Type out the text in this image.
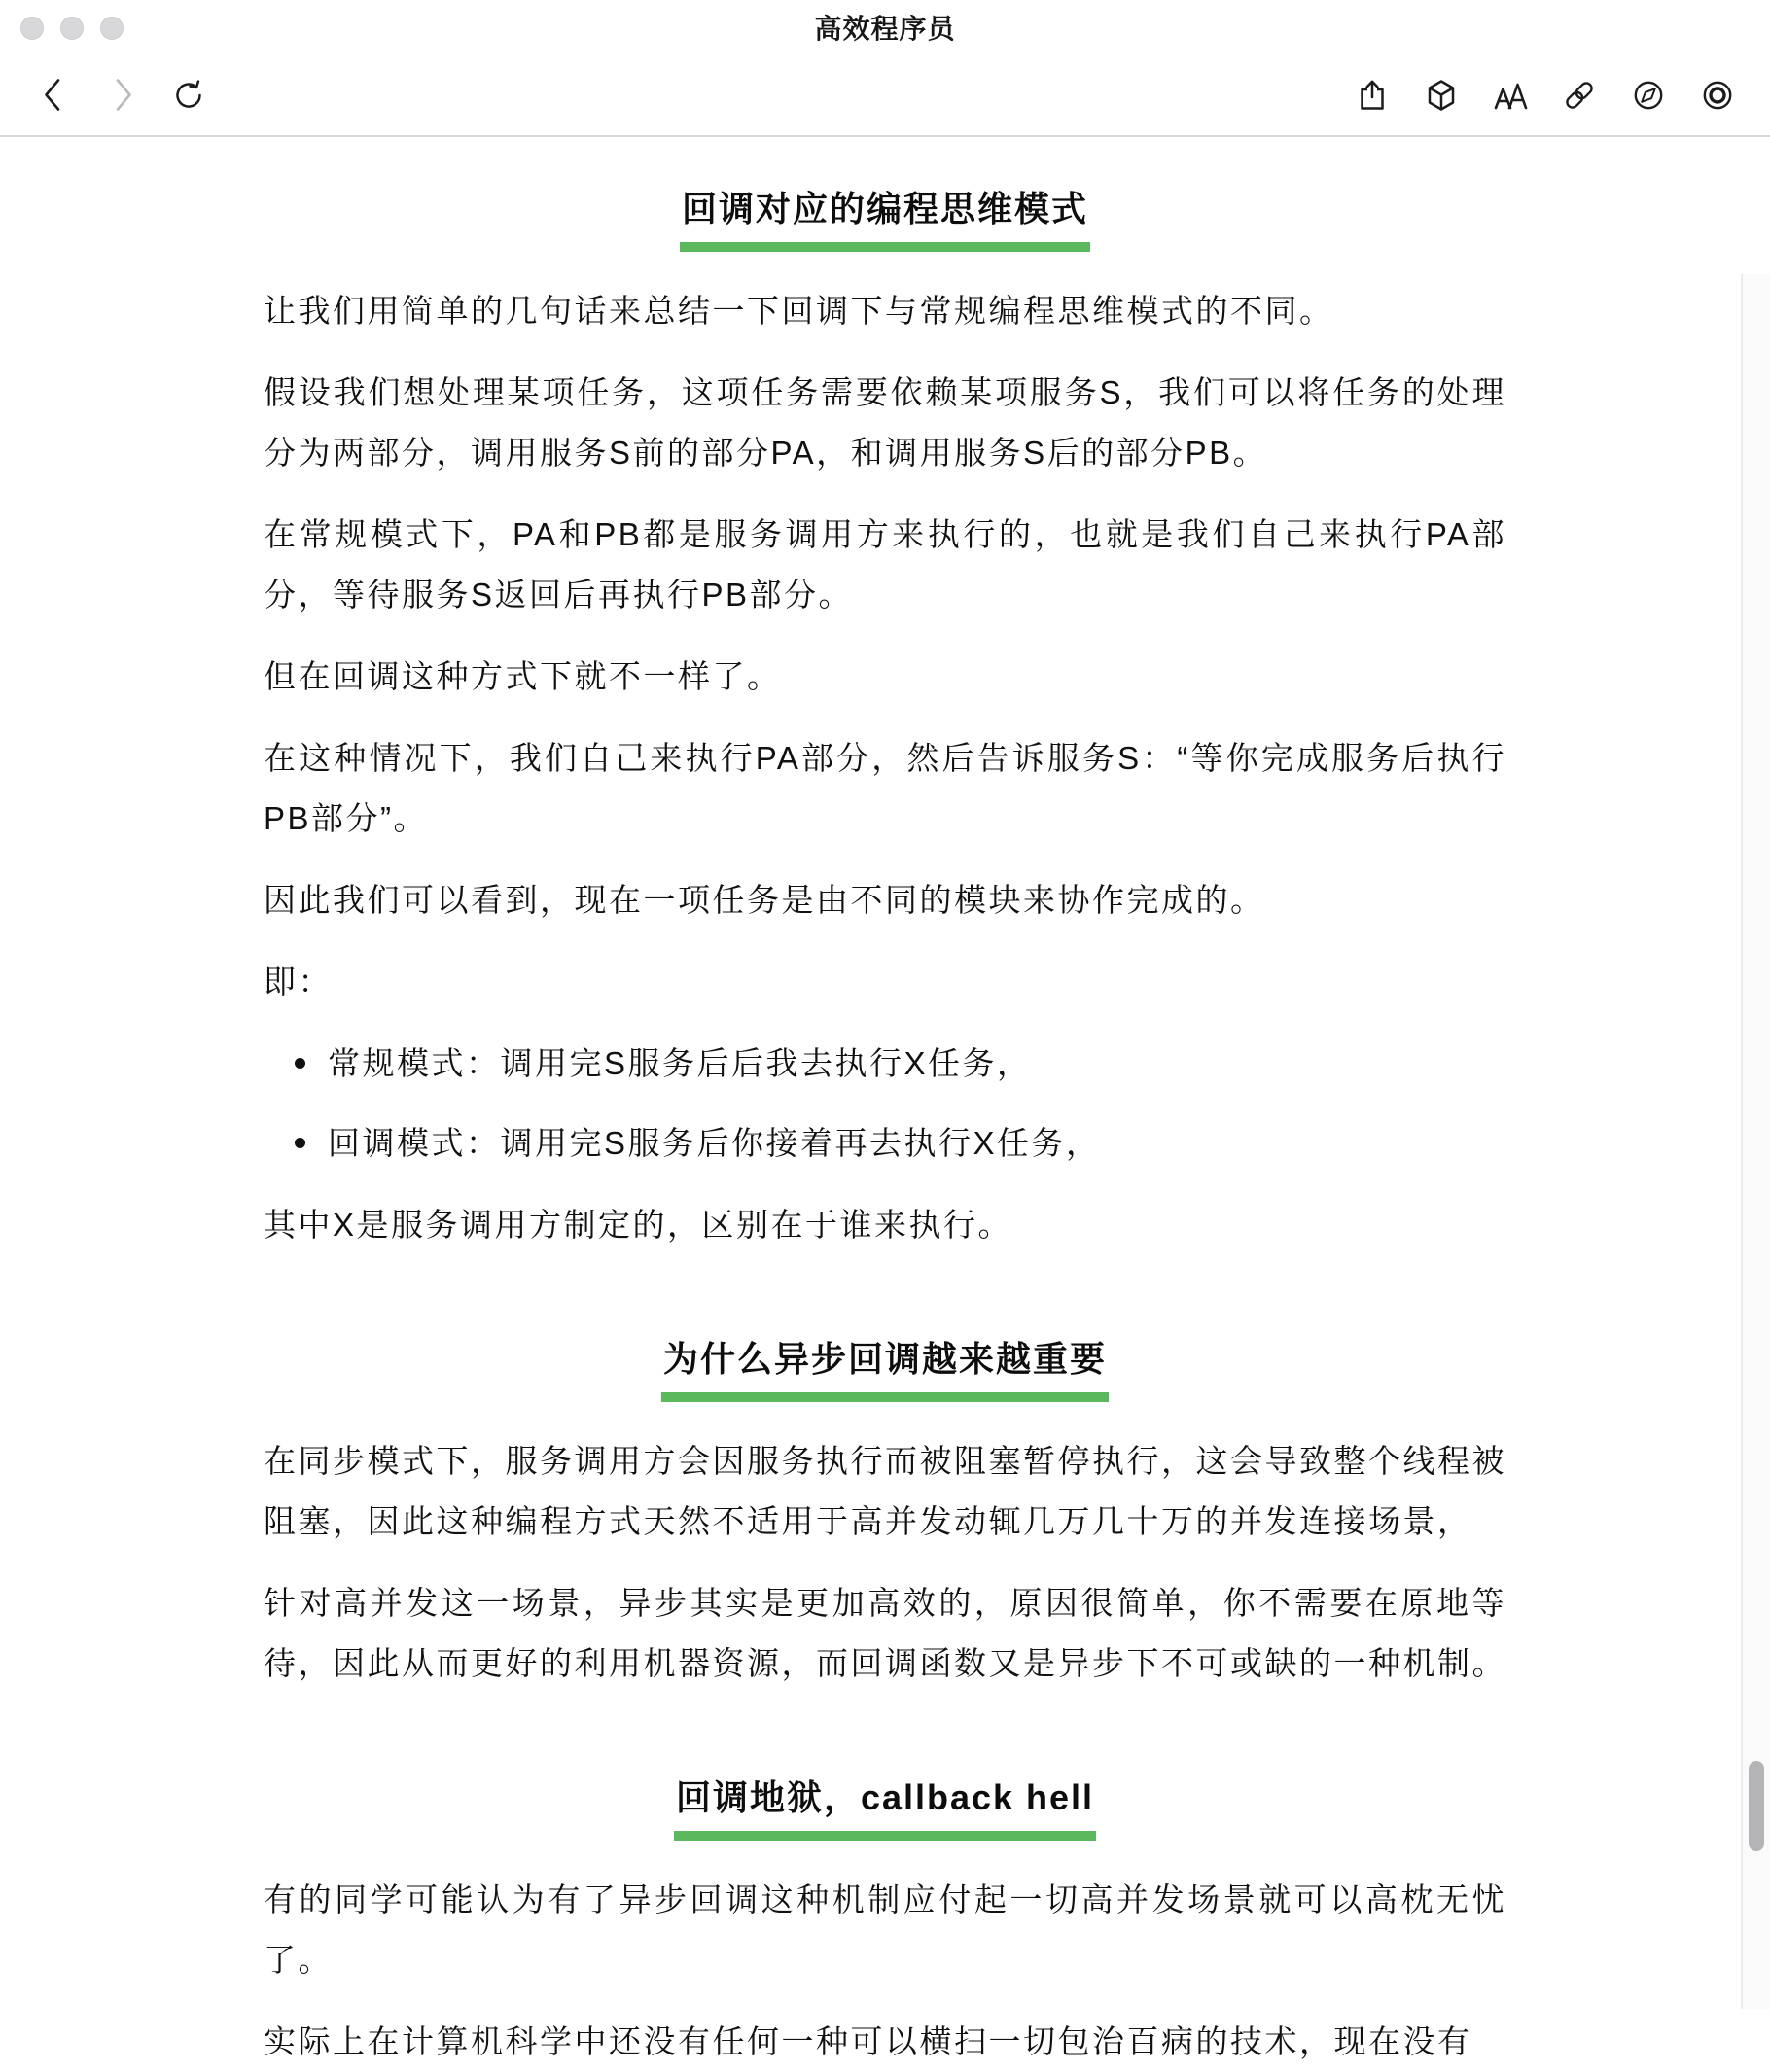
高效程序员
回调对应的编程思维模式

让我们用简单的几句话来总结一下回调下与常规编程思维模式的不同。

假设我们想处理某项任务，这项任务需要依赖某项服务S，我们可以将任务的处理分为两部分，调用服务S前的部分PA，和调用服务S后的部分PB。

在常规模式下，PA和PB都是服务调用方来执行的，也就是我们自己来执行PA部分，等待服务S返回后再执行PB部分。

但在回调这种方式下就不一样了。

在这种情况下，我们自己来执行PA部分，然后告诉服务S：“等你完成服务后执行PB部分”。

因此我们可以看到，现在一项任务是由不同的模块来协作完成的。

即：

常规模式：调用完S服务后后我去执行X任务，
回调模式：调用完S服务后你接着再去执行X任务，

其中X是服务调用方制定的，区别在于谁来执行。

为什么异步回调越来越重要

在同步模式下，服务调用方会因服务执行而被阻塞暂停执行，这会导致整个线程被阻塞，因此这种编程方式天然不适用于高并发动辄几万几十万的并发连接场景，

针对高并发这一场景，异步其实是更加高效的，原因很简单，你不需要在原地等待，因此从而更好的利用机器资源，而回调函数又是异步下不可或缺的一种机制。

回调地狱，callback hell

有的同学可能认为有了异步回调这种机制应付起一切高并发场景就可以高枕无忧了。

实际上在计算机科学中还没有任何一种可以横扫一切包治百病的技术，现在没有
